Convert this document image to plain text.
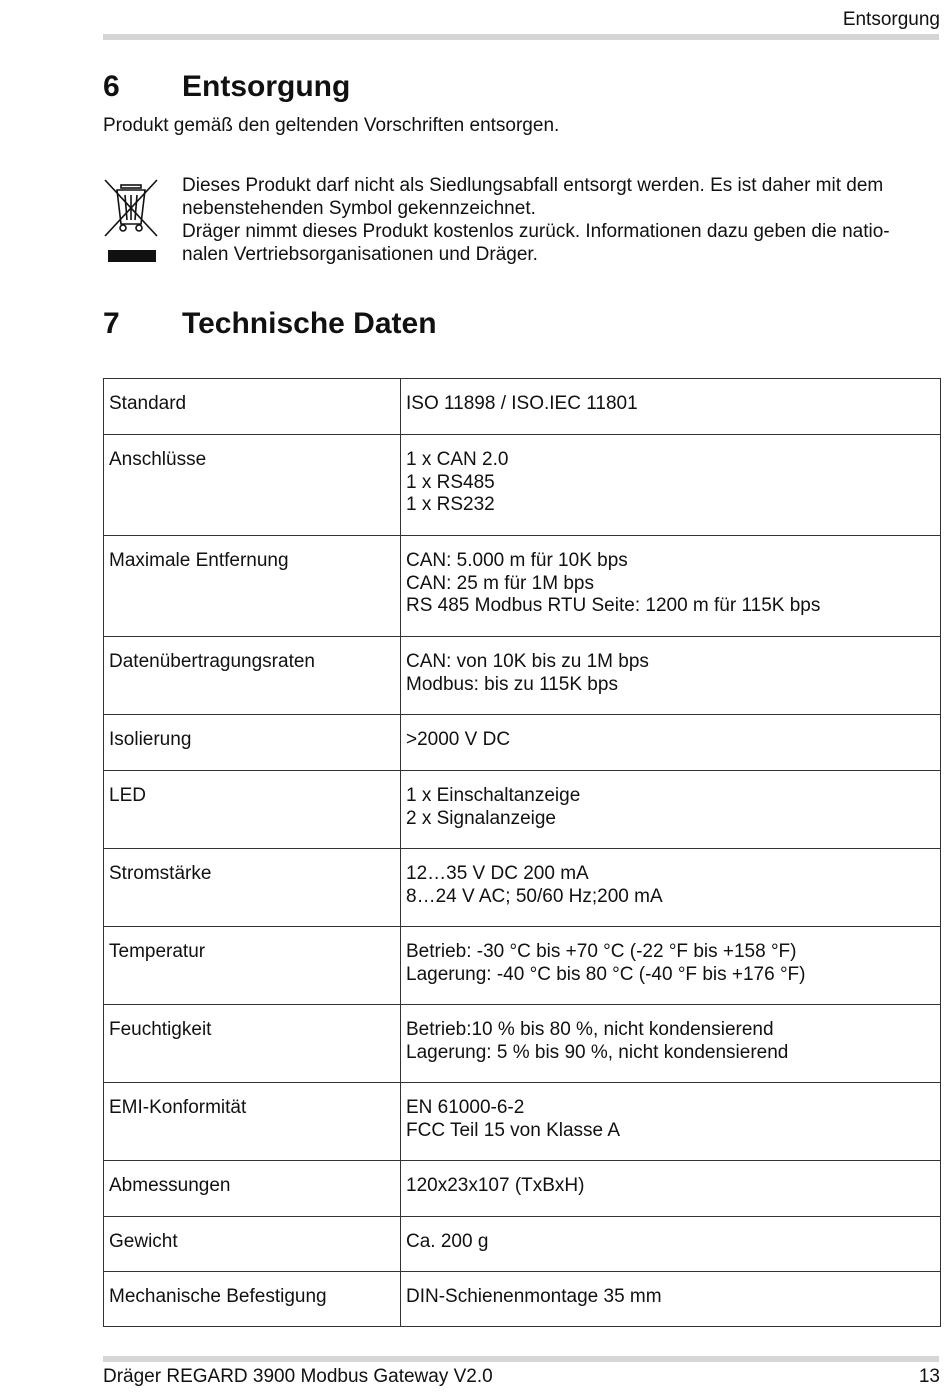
Entsorgung
6 Entsorgung
Produkt gemäß den geltenden Vorschriften entsorgen.
Dieses Produkt darf nicht als Siedlungsabfall entsorgt werden. Es ist daher mit dem
nebenstehenden Symbol gekennzeichnet.
Dräger nimmt dieses Produkt kostenlos zurück. Informationen dazu geben die natio-
nalen Vertriebsorganisationen und Dräger.
7 Technische Daten
Standard	ISO 11898 / ISO.IEC 11801

Anschlüsse	1 x CAN 2.0
1 x RS485
1 x RS232

Maximale Entfernung	CAN: 5.000 m für 10K bps
CAN: 25 m für 1M bps
RS 485 Modbus RTU Seite: 1200 m für 115K bps

Datenübertragungsraten	CAN: von 10K bis zu 1M bps
Modbus: bis zu 115K bps

Isolierung	>2000 V DC

LED	1 x Einschaltanzeige
2 x Signalanzeige

Stromstärke	12…35 V DC 200 mA
8…24 V AC; 50/60 Hz;200 mA

Temperatur	Betrieb: -30 °C bis +70 °C (-22 °F bis +158 °F)
Lagerung: -40 °C bis 80 °C (-40 °F bis +176 °F)

Feuchtigkeit	Betrieb:10 % bis 80 %, nicht kondensierend
Lagerung: 5 % bis 90 %, nicht kondensierend

EMI-Konformität	EN 61000-6-2
FCC Teil 15 von Klasse A

Abmessungen	120x23x107 (TxBxH)

Gewicht	Ca. 200 g

Mechanische Befestigung	DIN-Schienenmontage 35 mm
Dräger REGARD 3900 Modbus Gateway V2.0	13
